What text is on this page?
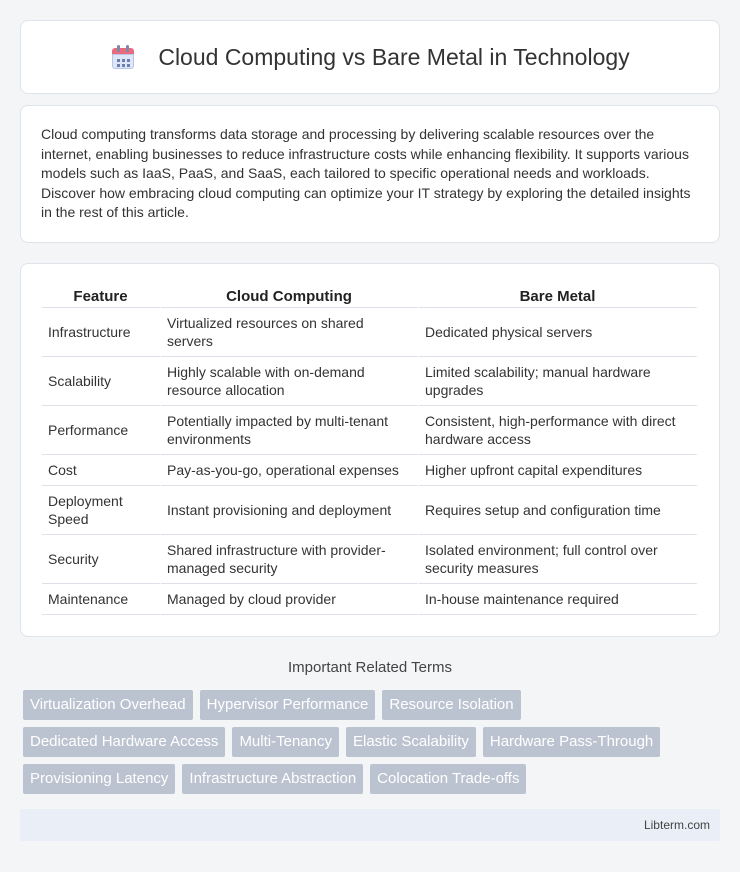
Cloud Computing vs Bare Metal in Technology

Cloud computing transforms data storage and processing by delivering scalable resources over the internet, enabling businesses to reduce infrastructure costs while enhancing flexibility. It supports various models such as IaaS, PaaS, and SaaS, each tailored to specific operational needs and workloads. Discover how embracing cloud computing can optimize your IT strategy by exploring the detailed insights in the rest of this article.

Feature	Cloud Computing	Bare Metal
Infrastructure	Virtualized resources on shared servers	Dedicated physical servers
Scalability	Highly scalable with on-demand resource allocation	Limited scalability; manual hardware upgrades
Performance	Potentially impacted by multi-tenant environments	Consistent, high-performance with direct hardware access
Cost	Pay-as-you-go, operational expenses	Higher upfront capital expenditures
Deployment Speed	Instant provisioning and deployment	Requires setup and configuration time
Security	Shared infrastructure with provider-managed security	Isolated environment; full control over security measures
Maintenance	Managed by cloud provider	In-house maintenance required
Important Related Terms
Virtualization Overhead	Hypervisor Performance	Resource Isolation
Dedicated Hardware Access	Multi-Tenancy	Elastic Scalability	Hardware Pass-Through
Provisioning Latency	Infrastructure Abstraction	Colocation Trade-offs
Libterm.com
